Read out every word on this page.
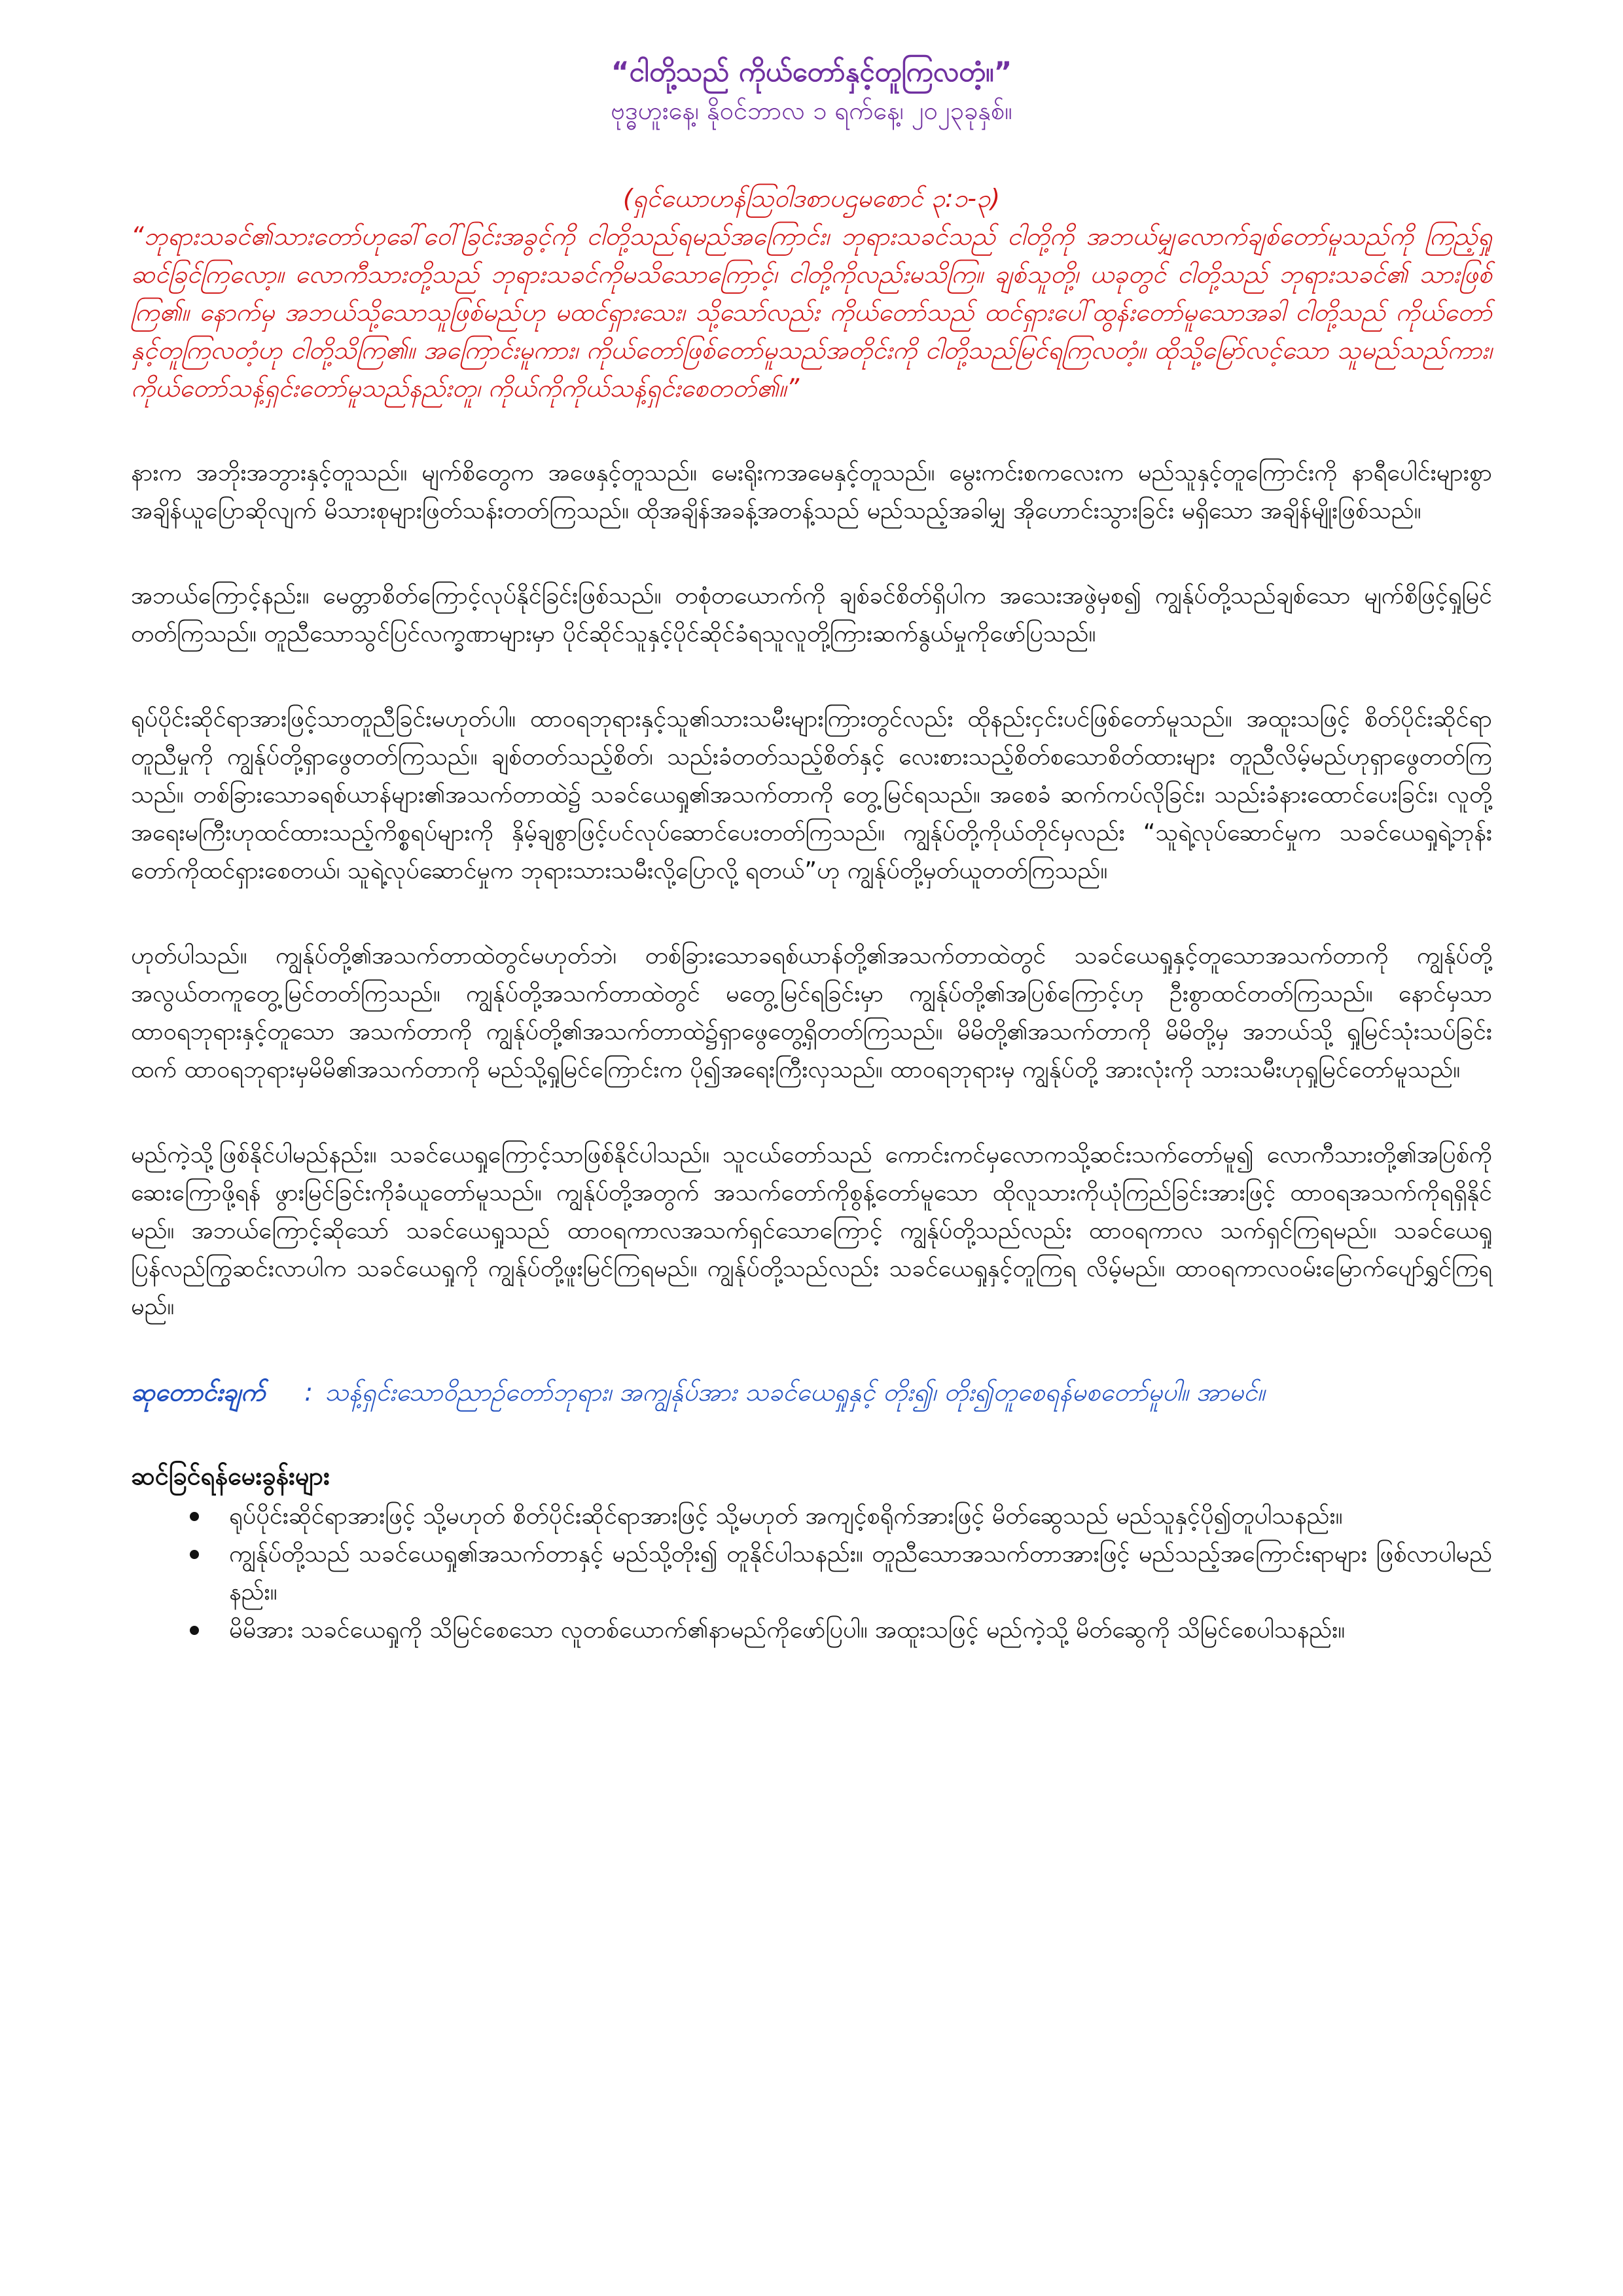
“ငါတို့သည် ကိုယ်တော်နှင့်တူကြလတံ့။”

ဗုဒ္ဓဟူးနေ့၊ နိုဝင်ဘာလ ၁ ရက်နေ့၊ ၂၀၂၃ခုနှစ်။

(ရှင်ယောဟန်ဩဝါဒစာပဌမစောင် ၃:၁-၃)

“ဘုရားသခင်၏သားတော်ဟုခေါ်ဝေါ်ခြင်းအခွင့်ကို ငါတို့သည်ရမည်အကြောင်း၊ ဘုရားသခင်သည် ငါတို့ကို အဘယ်မျှလောက်ချစ်တော်မူသည်ကို ကြည့်ရှုဆင်ခြင်ကြလော့။ လောကီသားတို့သည် ဘုရားသခင်ကိုမသိသောကြောင့်၊ ငါတို့ကိုလည်းမသိကြ။ ချစ်သူတို့၊ ယခုတွင် ငါတို့သည် ဘုရားသခင်၏ သားဖြစ်ကြ၏။ နောက်မှ အဘယ်သို့သောသူဖြစ်မည်ဟု မထင်ရှားသေး၊ သို့သော်လည်း ကိုယ်တော်သည် ထင်ရှားပေါ်ထွန်းတော်မူသောအခါ ငါတို့သည် ကိုယ်တော်နှင့်တူကြလတံ့ဟု ငါတို့သိကြ၏။ အကြောင်းမူကား၊ ကိုယ်တော်ဖြစ်တော်မူသည်အတိုင်းကို ငါတို့သည်မြင်ရကြလတံ့။ ထိုသို့မြော်လင့်သော သူမည်သည်ကား၊ ကိုယ်တော်သန့်ရှင်းတော်မူသည်နည်းတူ၊ ကိုယ်ကိုကိုယ်သန့်ရှင်းစေတတ်၏။”

နားက အဘိုးအဘွားနှင့်တူသည်။ မျက်စိတွေက အဖေနှင့်တူသည်။ မေးရိုးကအမေနှင့်တူသည်။ မွေးကင်းစကလေးက မည်သူနှင့်တူကြောင်းကို နာရီပေါင်းများစွာအချိန်ယူပြောဆိုလျက် မိသားစုများဖြတ်သန်းတတ်ကြသည်။ ထိုအချိန်အခန့်အတန့်သည် မည်သည့်အခါမျှ အိုဟောင်းသွားခြင်း မရှိသော အချိန်မျိုးဖြစ်သည်။

အဘယ်ကြောင့်နည်း။ မေတ္တာစိတ်ကြောင့်လုပ်နိုင်ခြင်းဖြစ်သည်။ တစုံတယောက်ကို ချစ်ခင်စိတ်ရှိပါက အသေးအဖွဲမှစ၍ ကျွန်ုပ်တို့သည်ချစ်သော မျက်စိဖြင့်ရှုမြင်တတ်ကြသည်။ တူညီသောသွင်ပြင်လက္ခဏာများမှာ ပိုင်ဆိုင်သူနှင့်ပိုင်ဆိုင်ခံရသူလူတို့ကြားဆက်နွယ်မှုကိုဖော်ပြသည်။

ရုပ်ပိုင်းဆိုင်ရာအားဖြင့်သာတူညီခြင်းမဟုတ်ပါ။ ထာဝရဘုရားနှင့်သူ၏သားသမီးများကြားတွင်လည်း ထိုနည်းငှင်းပင်ဖြစ်တော်မူသည်။ အထူးသဖြင့် စိတ်ပိုင်းဆိုင်ရာတူညီမှုကို ကျွန်ုပ်တို့ရှာဖွေတတ်ကြသည်။ ချစ်တတ်သည့်စိတ်၊ သည်းခံတတ်သည့်စိတ်နှင့် လေးစားသည့်စိတ်စသောစိတ်ထားများ တူညီလိမ့်မည်ဟုရှာဖွေတတ်ကြသည်။ တစ်ခြားသောခရစ်ယာန်များ၏အသက်တာထဲ၌ သခင်ယေရှု၏အသက်တာကို တွေ့မြင်ရသည်။ အစေခံ ဆက်ကပ်လိုခြင်း၊ သည်းခံနားထောင်ပေးခြင်း၊ လူတို့အရေးမကြီးဟုထင်ထားသည့်ကိစ္စရပ်များကို နှိမ့်ချစွာဖြင့်ပင်လုပ်ဆောင်ပေးတတ်ကြသည်။ ကျွန်ုပ်တို့ကိုယ်တိုင်မှလည်း “သူရဲ့လုပ်ဆောင်မှုက သခင်ယေရှုရဲ့ဘုန်းတော်ကိုထင်ရှားစေတယ်၊ သူရဲ့လုပ်ဆောင်မှုက ဘုရားသားသမီးလို့ပြောလို့ ရတယ်”ဟု ကျွန်ုပ်တို့မှတ်ယူတတ်ကြသည်။

ဟုတ်ပါသည်။ ကျွန်ုပ်တို့၏အသက်တာထဲတွင်မဟုတ်ဘဲ၊ တစ်ခြားသောခရစ်ယာန်တို့၏အသက်တာထဲတွင် သခင်ယေရှုနှင့်တူသောအသက်တာကို ကျွန်ုပ်တို့ အလွယ်တကူတွေ့မြင်တတ်ကြသည်။ ကျွန်ုပ်တို့အသက်တာထဲတွင် မတွေ့မြင်ရခြင်းမှာ ကျွန်ုပ်တို့၏အပြစ်ကြောင့်ဟု ဦးစွာထင်တတ်ကြသည်။ နောင်မှသာ ထာဝရဘုရားနှင့်တူသော အသက်တာကို ကျွန်ုပ်တို့၏အသက်တာထဲ၌ရှာဖွေတွေ့ရှိတတ်ကြသည်။ မိမိတို့၏အသက်တာကို မိမိတို့မှ အဘယ်သို့ ရှုမြင်သုံးသပ်ခြင်းထက် ထာဝရဘုရားမှမိမိ၏အသက်တာကို မည်သို့ရှုမြင်ကြောင်းက ပို၍အရေးကြီးလှသည်။ ထာဝရဘုရားမှ ကျွန်ုပ်တို့ အားလုံးကို သားသမီးဟုရှုမြင်တော်မူသည်။

မည်ကဲ့သို့ဖြစ်နိုင်ပါမည်နည်း။ သခင်ယေရှုကြောင့်သာဖြစ်နိုင်ပါသည်။ သူငယ်တော်သည် ကောင်းကင်မှလောကသို့ဆင်းသက်တော်မူ၍ လောကီသားတို့၏အပြစ်ကိုဆေးကြောဖို့ရန် ဖွားမြင်ခြင်းကိုခံယူတော်မူသည်။ ကျွန်ုပ်တို့အတွက် အသက်တော်ကိုစွန့်တော်မူသော ထိုလူသားကိုယုံကြည်ခြင်းအားဖြင့် ထာဝရအသက်ကိုရရှိနိုင်မည်။ အဘယ်ကြောင့်ဆိုသော် သခင်ယေရှုသည် ထာဝရကာလအသက်ရှင်သောကြောင့် ကျွန်ုပ်တို့သည်လည်း ထာဝရကာလ သက်ရှင်ကြရမည်။ သခင်ယေရှုပြန်လည်ကြွဆင်းလာပါက သခင်ယေရှုကို ကျွန်ုပ်တို့ဖူးမြင်ကြရမည်။ ကျွန်ုပ်တို့သည်လည်း သခင်ယေရှုနှင့်တူကြရ လိမ့်မည်။ ထာဝရကာလဝမ်းမြောက်ပျော်ရွှင်ကြရမည်။

ဆုတောင်းချက် : သန့်ရှင်းသောဝိညာဉ်တော်ဘုရား၊ အကျွန်ုပ်အား သခင်ယေရှုနှင့် တိုး၍၊ တိုး၍တူစေရန်မစတော်မူပါ။ အာမင်။

ဆင်ခြင်ရန်မေးခွန်းများ

ရုပ်ပိုင်းဆိုင်ရာအားဖြင့် သို့မဟုတ် စိတ်ပိုင်းဆိုင်ရာအားဖြင့် သို့မဟုတ် အကျင့်စရိုက်အားဖြင့် မိတ်ဆွေသည် မည်သူနှင့်ပို၍တူပါသနည်း။
ကျွန်ုပ်တို့သည် သခင်ယေရှု၏အသက်တာနှင့် မည်သို့တိုး၍ တူနိုင်ပါသနည်း။ တူညီသောအသက်တာအားဖြင့် မည်သည့်အကြောင်းရာများ ဖြစ်လာပါမည်နည်း။
မိမိအား သခင်ယေရှုကို သိမြင်စေသော လူတစ်ယောက်၏နာမည်ကိုဖော်ပြပါ။ အထူးသဖြင့် မည်ကဲ့သို့ မိတ်ဆွေကို သိမြင်စေပါသနည်း။
